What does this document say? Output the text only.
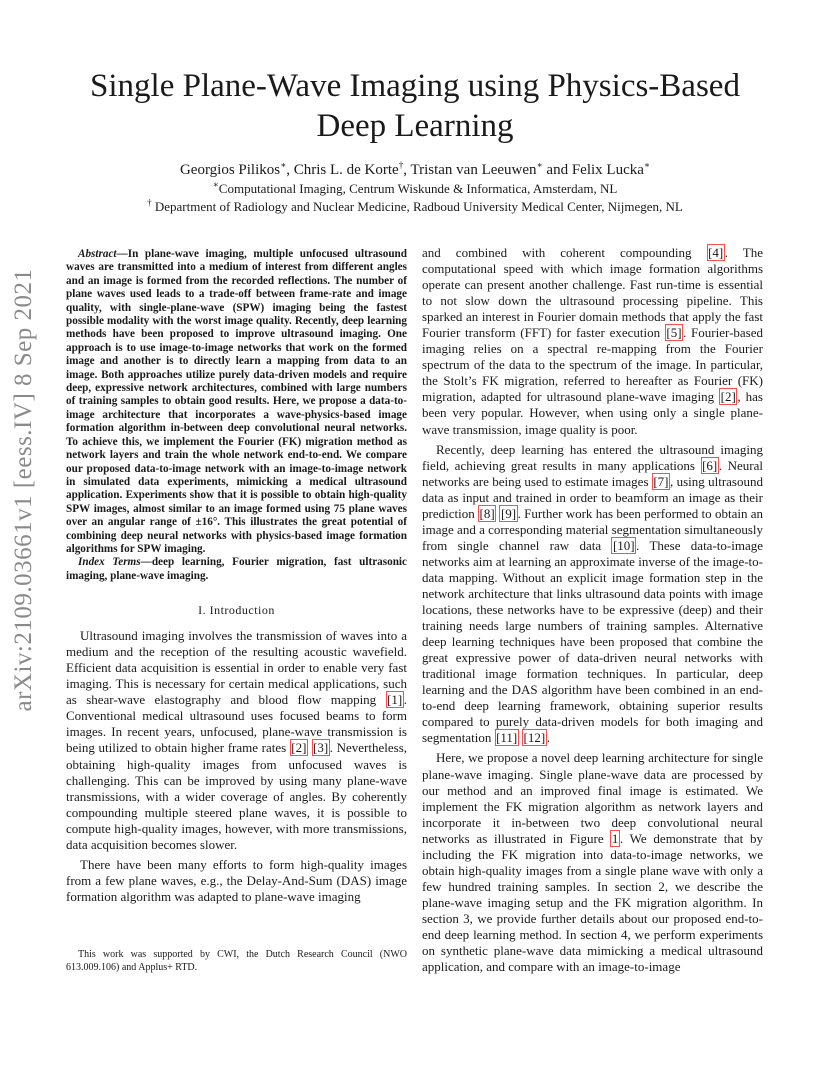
arXiv:2109.03661v1 [eess.IV] 8 Sep 2021
Single Plane-Wave Imaging using Physics-Based
Deep Learning
Georgios Pilikos∗, Chris L. de Korte†, Tristan van Leeuwen∗ and Felix Lucka∗
∗Computational Imaging, Centrum Wiskunde & Informatica, Amsterdam, NL
† Department of Radiology and Nuclear Medicine, Radboud University Medical Center, Nijmegen, NL

Abstract—In plane-wave imaging, multiple unfocused ultrasound waves are transmitted into a medium of interest from different angles and an image is formed from the recorded reflections. The number of plane waves used leads to a trade-off between frame-rate and image quality, with single-plane-wave (SPW) imaging being the fastest possible modality with the worst image quality. Recently, deep learning methods have been proposed to improve ultrasound imaging. One approach is to use image-to-image networks that work on the formed image and another is to directly learn a mapping from data to an image. Both approaches utilize purely data-driven models and require deep, expressive network architectures, combined with large numbers of training samples to obtain good results. Here, we propose a data-to-image architecture that incorporates a wave-physics-based image formation algorithm in-between deep convolutional neural networks. To achieve this, we implement the Fourier (FK) migration method as network layers and train the whole network end-to-end. We compare our proposed data-to-image network with an image-to-image network in simulated data experiments, mimicking a medical ultrasound application. Experiments show that it is possible to obtain high-quality SPW images, almost similar to an image formed using 75 plane waves over an angular range of ±16°. This illustrates the great potential of combining deep neural networks with physics-based image formation algorithms for SPW imaging.

Index Terms—deep learning, Fourier migration, fast ultrasonic imaging, plane-wave imaging.

I. Introduction

Ultrasound imaging involves the transmission of waves into a medium and the reception of the resulting acoustic wavefield. Efficient data acquisition is essential in order to enable very fast imaging. This is necessary for certain medical applications, such as shear-wave elastography and blood flow mapping [1] . Conventional medical ultrasound uses focused beams to form images. In recent years, unfocused, plane-wave transmission is being utilized to obtain higher frame rates [2] [3] . Nevertheless, obtaining high-quality images from unfocused waves is challenging. This can be improved by using many plane-wave transmissions, with a wider coverage of angles. By coherently compounding multiple steered plane waves, it is possible to compute high-quality images, however, with more transmissions, data acquisition becomes slower.

There have been many efforts to form high-quality images from a few plane waves, e.g., the Delay-And-Sum (DAS) image formation algorithm was adapted to plane-wave imaging

This work was supported by CWI, the Dutch Research Council (NWO 613.009.106) and Applus+ RTD.

and combined with coherent compounding [4] . The computational speed with which image formation algorithms operate can present another challenge. Fast run-time is essential to not slow down the ultrasound processing pipeline. This sparked an interest in Fourier domain methods that apply the fast Fourier transform (FFT) for faster execution [5] . Fourier-based imaging relies on a spectral re-mapping from the Fourier spectrum of the data to the spectrum of the image. In particular, the Stolt’s FK migration, referred to hereafter as Fourier (FK) migration, adapted for ultrasound plane-wave imaging [2] , has been very popular. However, when using only a single plane-wave transmission, image quality is poor.

Recently, deep learning has entered the ultrasound imaging field, achieving great results in many applications [6] . Neural networks are being used to estimate images [7] , using ultrasound data as input and trained in order to beamform an image as their prediction [8] [9] . Further work has been performed to obtain an image and a corresponding material segmentation simultaneously from single channel raw data [10] . These data-to-image networks aim at learning an approximate inverse of the image-to-data mapping. Without an explicit image formation step in the network architecture that links ultrasound data points with image locations, these networks have to be expressive (deep) and their training needs large numbers of training samples. Alternative deep learning techniques have been proposed that combine the great expressive power of data-driven neural networks with traditional image formation techniques. In particular, deep learning and the DAS algorithm have been combined in an end-to-end deep learning framework, obtaining superior results compared to purely data-driven models for both imaging and segmentation [11] [12] .

Here, we propose a novel deep learning architecture for single plane-wave imaging. Single plane-wave data are processed by our method and an improved final image is estimated. We implement the FK migration algorithm as network layers and incorporate it in-between two deep convolutional neural networks as illustrated in Figure 1 . We demonstrate that by including the FK migration into data-to-image networks, we obtain high-quality images from a single plane wave with only a few hundred training samples. In section 2, we describe the plane-wave imaging setup and the FK migration algorithm. In section 3, we provide further details about our proposed end-to-end deep learning method. In section 4, we perform experiments on synthetic plane-wave data mimicking a medical ultrasound application, and compare with an image-to-image
